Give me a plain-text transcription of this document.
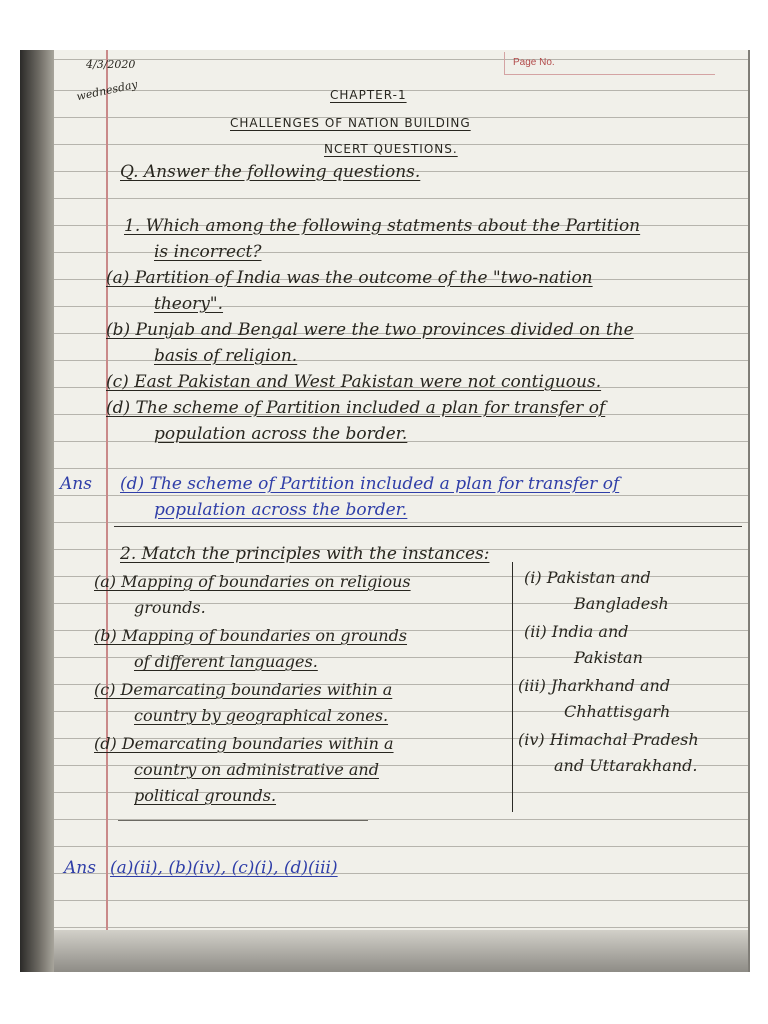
Page No.
4/3/2020
wednesday	CHAPTER-1
CHALLENGES OF NATION BUILDING
NCERT QUESTIONS.
Q. Answer the following questions.
1. Which among the following statments about the Partition
is incorrect?
(a) Partition of India was the outcome of the "two-nation
theory".
(b) Punjab and Bengal were the two provinces divided on the
basis of religion.
(c) East Pakistan and West Pakistan were not contiguous.
(d) The scheme of Partition included a plan for transfer of
population across the border.
Ans (d) The scheme of Partition included a plan for transfer of
population across the border.
2. Match the principles with the instances:
(a) Mapping of boundaries on religious
grounds.
(b) Mapping of boundaries on grounds
of different languages.
(c) Demarcating boundaries within a
country by geographical zones.
(d) Demarcating boundaries within a
country on administrative and
political grounds.
(i) Pakistan and
Bangladesh
(ii) India and
Pakistan
(iii) Jharkhand and
Chhattisgarh
(iv) Himachal Pradesh
and Uttarakhand.
Ans (a)(ii), (b)(iv), (c)(i), (d)(iii)
